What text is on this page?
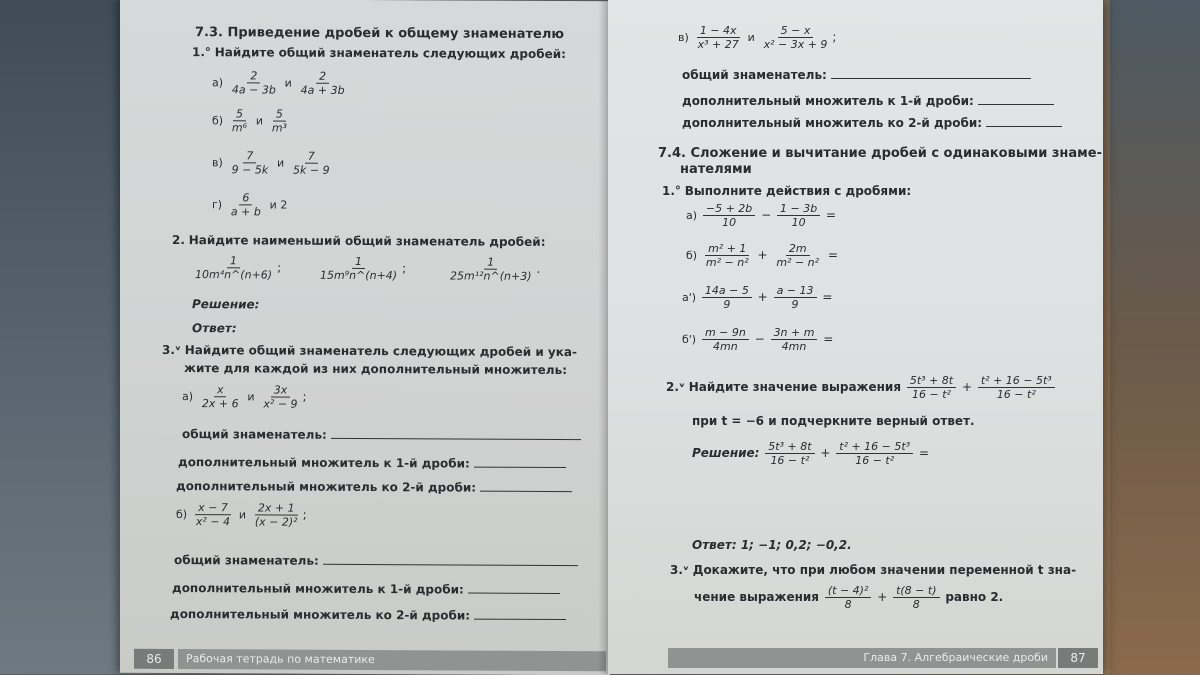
7.3. Приведение дробей к общему знаменателю
1.° Найдите общий знаменатель следующих дробей:
$а) \frac{2}{4a - 3b}$ и $\frac{2}{4a + 3b}$
$б) \frac{5}{\text{m⁶}}$ и $\frac{5}{\text{m³}}$
$в) \frac{7}{9 - 5k}$ и $\frac{7}{5k - 9}$
$г) \frac{6}{a + b}$ и 2
2. Найдите наименьший общий знаменатель дробей:
$\frac{1}{\text{10m⁴n\textasciicircum{}(n+6)}}$ ;	$\frac{1}{\text{15m⁹n\textasciicircum{}(n+4)}}$ ;	$\frac{1}{\text{25m¹²n\textasciicircum{}(n+3)}}$ .
Решение:
Ответ:
3.ᵛ Найдите общий знаменатель следующих дробей и ука-
жите для каждой из них дополнительный множитель:
$а) \frac{x}{2x + 6}$ и $\frac{3x}{\text{x² − 9}}$ ;
общий знаменатель:
дополнительный множитель к 1-й дроби:
дополнительный множитель ко 2-й дроби:
$б) \frac{x - 7}{\text{x² − 4}}$ и $\frac{2x + 1}{\text{(x − 2)²}}$ ;
общий знаменатель:
дополнительный множитель к 1-й дроби:
дополнительный множитель ко 2-й дроби:
86	Рабочая тетрадь по математике
$в) \frac{1 - 4x}{\text{x³ + 27}}$ и $\frac{5 - x}{\text{x² − 3x + 9}}$ ;
общий знаменатель:
дополнительный множитель к 1-й дроби:
дополнительный множитель ко 2-й дроби:
7.4. Сложение и вычитание дробей с одинаковыми знаме-
нателями
1.° Выполните действия с дробями:
$а) \frac{-5 + 2b}{10} - \frac{1 - 3b}{10}$ =
$б) \frac{\text{m² + 1}}{\text{m² − n²}} + \frac{2m}{\text{m² − n²}}$ =
$а') \frac{14a - 5}{9} + \frac{a - 13}{9}$ =
$б') \frac{m - 9n}{4mn} - \frac{3n + m}{4mn}$ =
2.ᵛ Найдите значение выражения $\frac{\text{5t³ + 8t}}{\text{16 − t²}} + \frac{\text{t² + 16 − 5t³}}{\text{16 − t²}}$
при t = −6 и подчеркните верный ответ.
Решение: $\frac{\text{5t³ + 8t}}{\text{16 − t²}} + \frac{\text{t² + 16 − 5t³}}{\text{16 − t²}}$ =
Ответ: 1; −1; 0,2; −0,2.
3.ᵛ Докажите, что при любом значении переменной t зна-
чение выражения $\frac{\text{(t − 4)²}}{8} + \frac{t(8 - t)}{8}$ равно 2.
Глава 7. Алгебраические дроби	87
